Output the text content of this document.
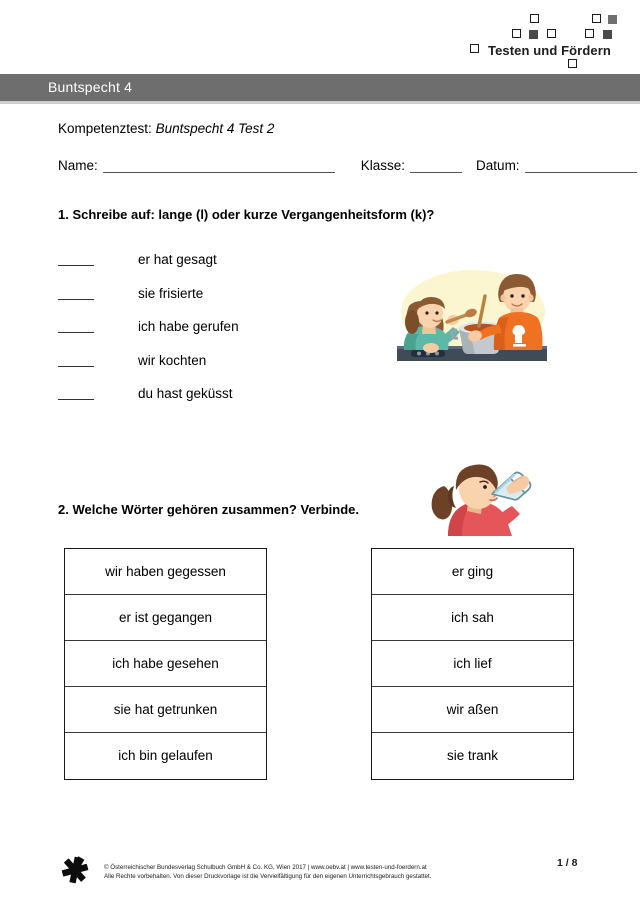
Testen und Fördern
Buntspecht 4
Kompetenztest: Buntspecht 4 Test 2
Name:	Klasse:	Datum:
1. Schreibe auf: lange (l) oder kurze Vergangenheitsform (k)?
er hat gesagt
sie frisierte
ich habe gerufen
wir kochten
du hast geküsst
2. Welche Wörter gehören zusammen? Verbinde.
wir haben gegessen
er ist gegangen
ich habe gesehen
sie hat getrunken
ich bin gelaufen
er ging
ich sah
ich lief
wir aßen
sie trank
© Österreichischer Bundesverlag Schulbuch GmbH & Co. KG, Wien 2017 | www.oebv.at | www.testen-und-foerdern.at
Alle Rechte vorbehalten. Von dieser Druckvorlage ist die Vervielfältigung für den eigenen Unterrichtsgebrauch gestattet.
1 / 8
